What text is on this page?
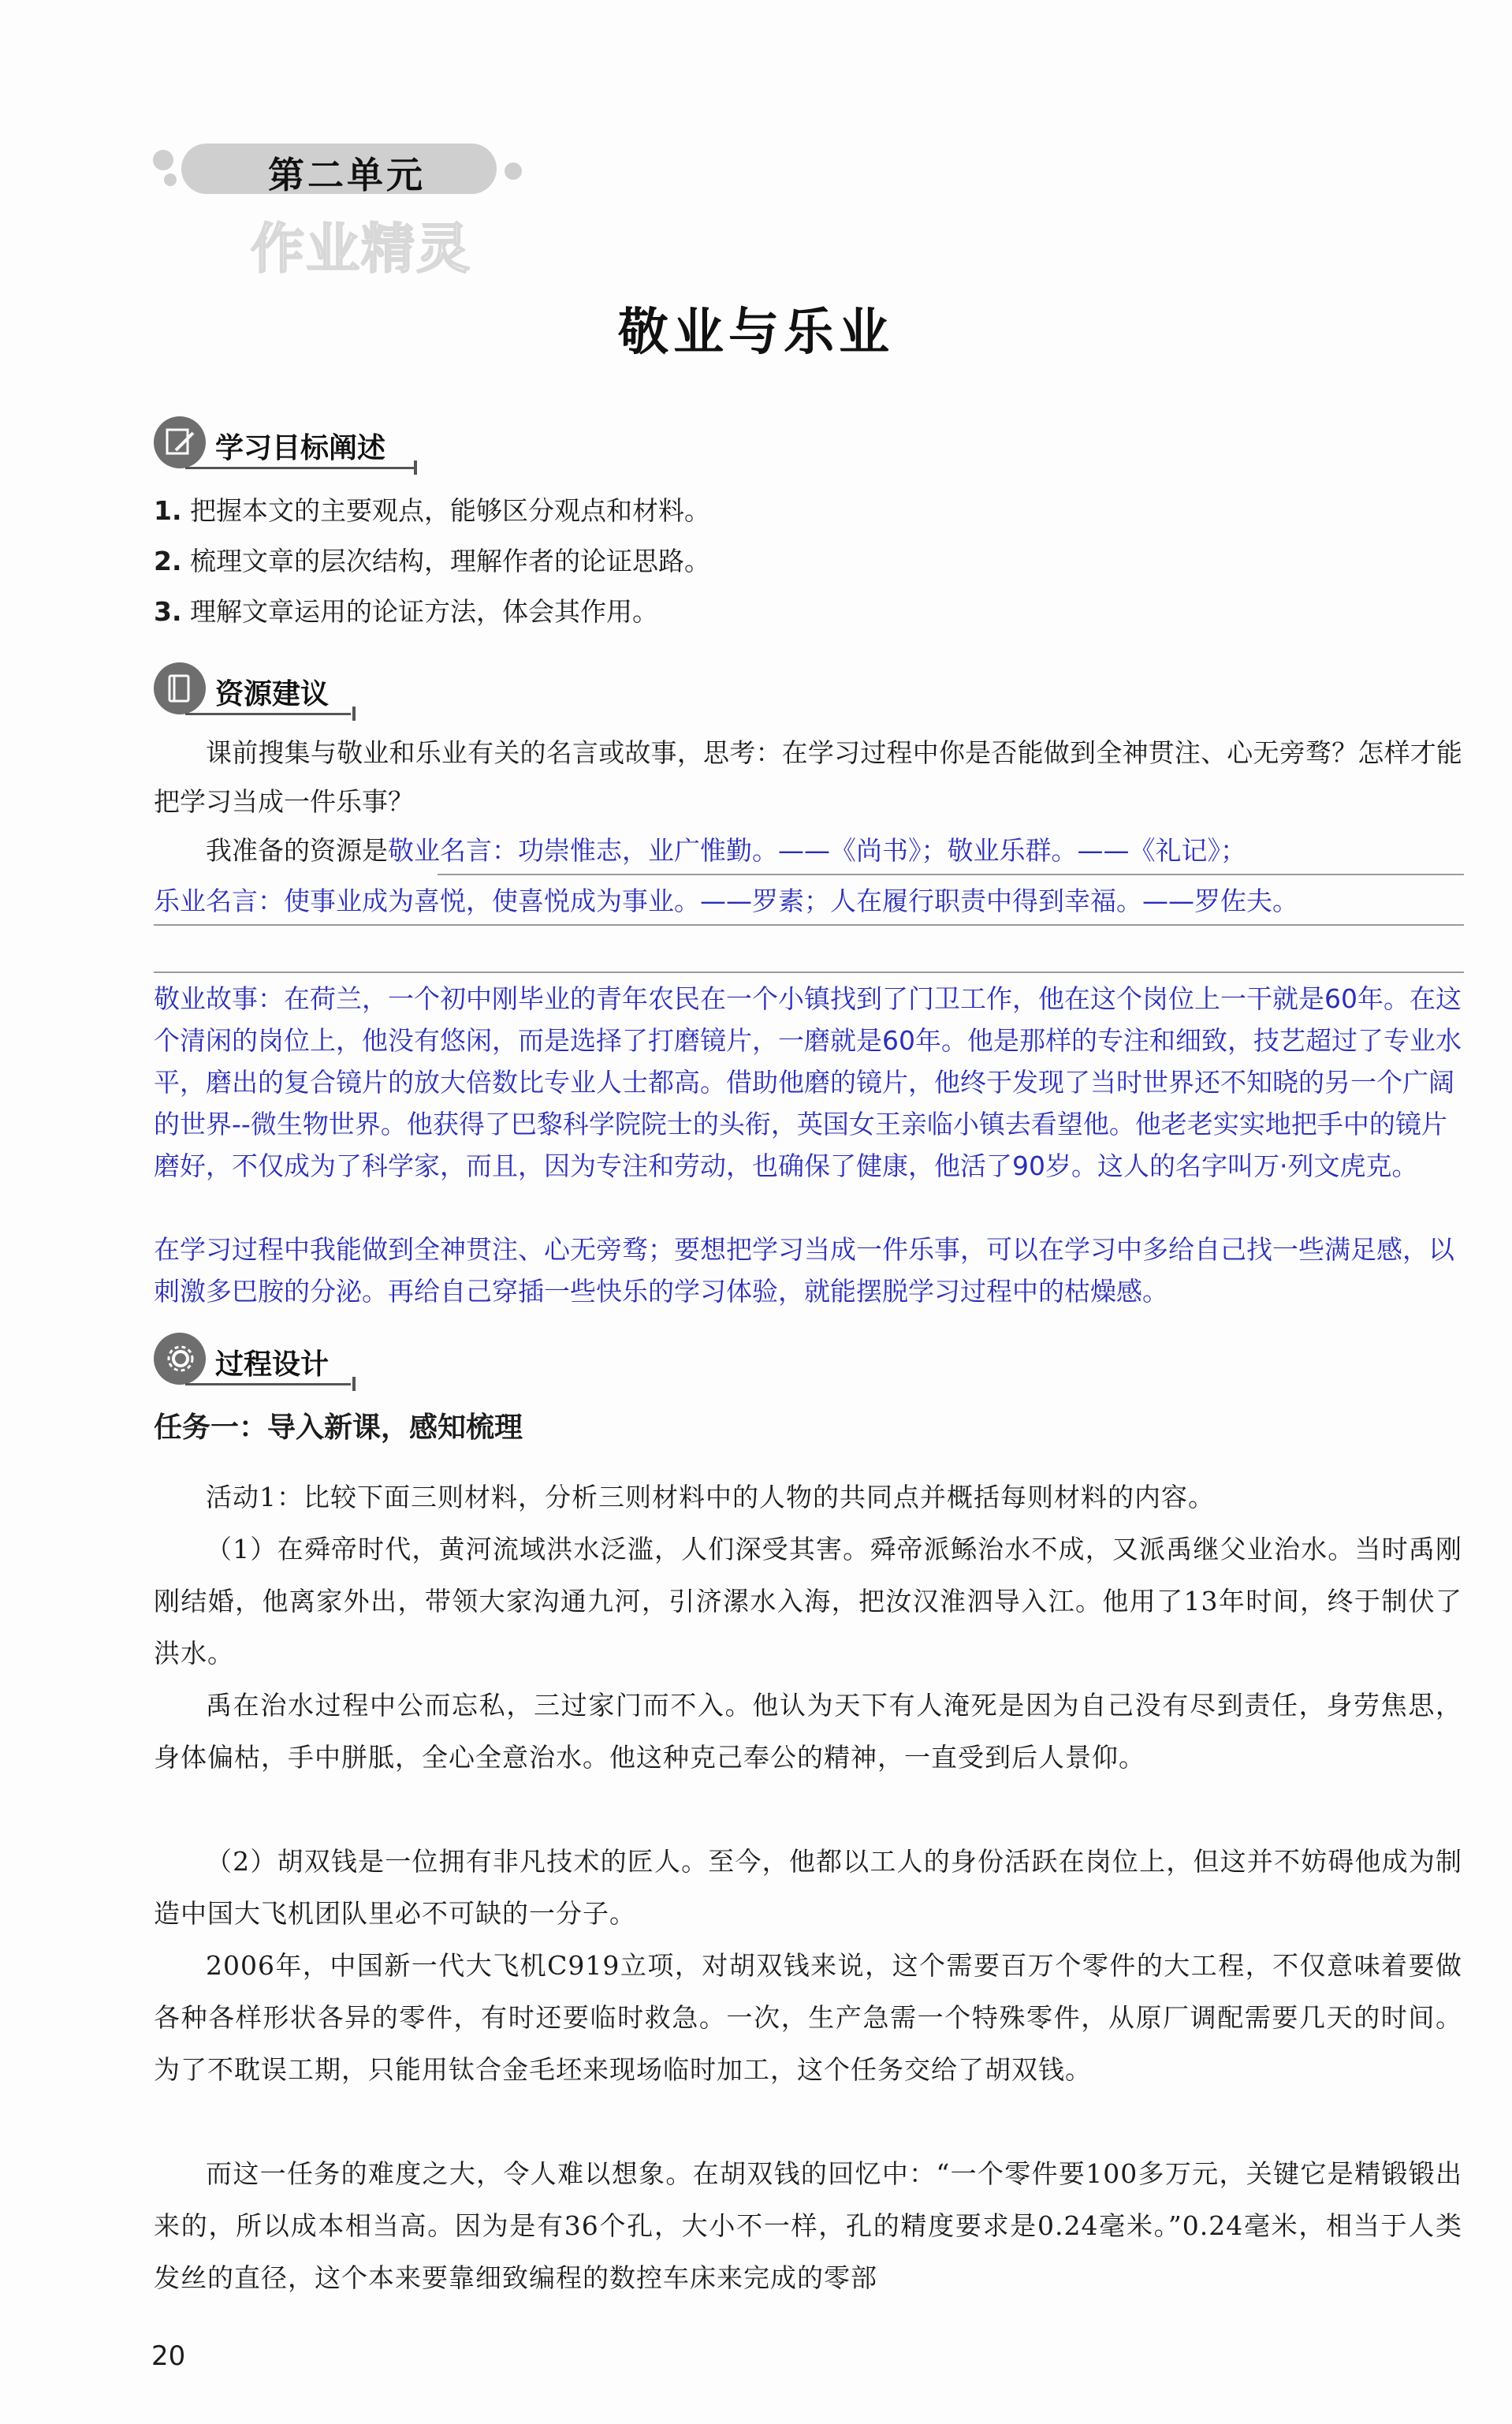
第二单元
作业精灵
敬业与乐业
学习目标阐述
1. 把握本文的主要观点，能够区分观点和材料。
2. 梳理文章的层次结构，理解作者的论证思路。
3. 理解文章运用的论证方法，体会其作用。
资源建议
课前搜集与敬业和乐业有关的名言或故事，思考：在学习过程中你是否能做到全神贯注、心无旁骛？怎样才能把学习当成一件乐事？
我准备的资源是敬业名言：功崇惟志，业广惟勤。——《尚书》；敬业乐群。——《礼记》；
乐业名言：使事业成为喜悦，使喜悦成为事业。——罗素；人在履行职责中得到幸福。——罗佐夫。
敬业故事：在荷兰，一个初中刚毕业的青年农民在一个小镇找到了门卫工作，他在这个岗位上一干就是60年。在这个清闲的岗位上，他没有悠闲，而是选择了打磨镜片，一磨就是60年。他是那样的专注和细致，技艺超过了专业水平，磨出的复合镜片的放大倍数比专业人士都高。借助他磨的镜片，他终于发现了当时世界还不知晓的另一个广阔的世界--微生物世界。他获得了巴黎科学院院士的头衔，英国女王亲临小镇去看望他。他老老实实地把手中的镜片磨好，不仅成为了科学家，而且，因为专注和劳动，也确保了健康，他活了90岁。这人的名字叫万·列文虎克。
在学习过程中我能做到全神贯注、心无旁骛；要想把学习当成一件乐事，可以在学习中多给自己找一些满足感，以刺激多巴胺的分泌。再给自己穿插一些快乐的学习体验，就能摆脱学习过程中的枯燥感。
过程设计
任务一：导入新课，感知梳理
活动1：比较下面三则材料，分析三则材料中的人物的共同点并概括每则材料的内容。
（1）在舜帝时代，黄河流域洪水泛滥，人们深受其害。舜帝派鲧治水不成，又派禹继父业治水。当时禹刚刚结婚，他离家外出，带领大家沟通九河，引济漯水入海，把汝汉淮泗导入江。他用了13年时间，终于制伏了洪水。
禹在治水过程中公而忘私，三过家门而不入。他认为天下有人淹死是因为自己没有尽到责任，身劳焦思，身体偏枯，手中胼胝，全心全意治水。他这种克己奉公的精神，一直受到后人景仰。
（2）胡双钱是一位拥有非凡技术的匠人。至今，他都以工人的身份活跃在岗位上，但这并不妨碍他成为制造中国大飞机团队里必不可缺的一分子。
2006年，中国新一代大飞机C919立项，对胡双钱来说，这个需要百万个零件的大工程，不仅意味着要做各种各样形状各异的零件，有时还要临时救急。一次，生产急需一个特殊零件，从原厂调配需要几天的时间。为了不耽误工期，只能用钛合金毛坯来现场临时加工，这个任务交给了胡双钱。
而这一任务的难度之大，令人难以想象。在胡双钱的回忆中：“一个零件要100多万元，关键它是精锻锻出来的，所以成本相当高。因为是有36个孔，大小不一样，孔的精度要求是0.24毫米。”0.24毫米，相当于人类发丝的直径，这个本来要靠细致编程的数控车床来完成的零部
20
